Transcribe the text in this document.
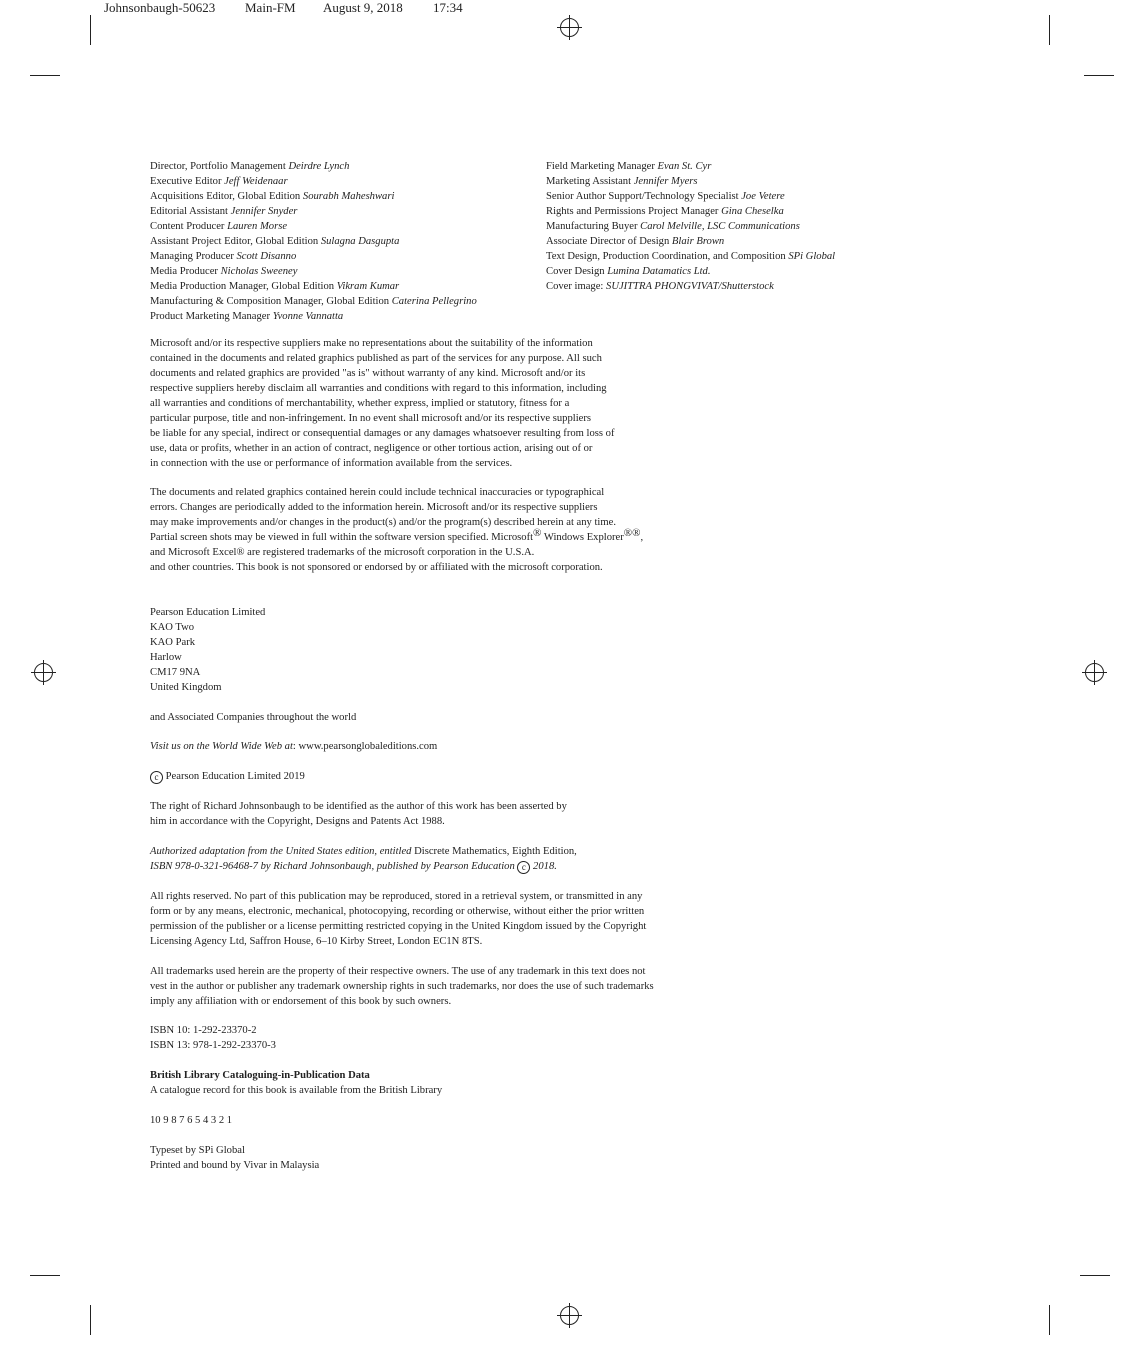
Johnsonbaugh-50623 Main-FM August 9, 2018 17:34
Director, Portfolio Management Deirdre Lynch
Executive Editor Jeff Weidenaar
Acquisitions Editor, Global Edition Sourabh Maheshwari
Editorial Assistant Jennifer Snyder
Content Producer Lauren Morse
Assistant Project Editor, Global Edition Sulagna Dasgupta
Managing Producer Scott Disanno
Media Producer Nicholas Sweeney
Media Production Manager, Global Edition Vikram Kumar
Manufacturing & Composition Manager, Global Edition Caterina Pellegrino
Product Marketing Manager Yvonne Vannatta
Field Marketing Manager Evan St. Cyr
Marketing Assistant Jennifer Myers
Senior Author Support/Technology Specialist Joe Vetere
Rights and Permissions Project Manager Gina Cheselka
Manufacturing Buyer Carol Melville, LSC Communications
Associate Director of Design Blair Brown
Text Design, Production Coordination, and Composition SPi Global
Cover Design Lumina Datamatics Ltd.
Cover image: SUJITTRA PHONGVIVAT/Shutterstock
Microsoft and/or its respective suppliers make no representations about the suitability of the information
contained in the documents and related graphics published as part of the services for any purpose. All such
documents and related graphics are provided "as is" without warranty of any kind. Microsoft and/or its
respective suppliers hereby disclaim all warranties and conditions with regard to this information, including
all warranties and conditions of merchantability, whether express, implied or statutory, fitness for a
particular purpose, title and non-infringement. In no event shall microsoft and/or its respective suppliers
be liable for any special, indirect or consequential damages or any damages whatsoever resulting from loss of
use, data or profits, whether in an action of contract, negligence or other tortious action, arising out of or
in connection with the use or performance of information available from the services.
The documents and related graphics contained herein could include technical inaccuracies or typographical
errors. Changes are periodically added to the information herein. Microsoft and/or its respective suppliers
may make improvements and/or changes in the product(s) and/or the program(s) described herein at any time.
Partial screen shots may be viewed in full within the software version specified. Microsoft® Windows Explorer®®,
and Microsoft Excel® are registered trademarks of the microsoft corporation in the U.S.A.
and other countries. This book is not sponsored or endorsed by or affiliated with the microsoft corporation.
Pearson Education Limited
KAO Two
KAO Park
Harlow
CM17 9NA
United Kingdom
and Associated Companies throughout the world
Visit us on the World Wide Web at: www.pearsonglobaleditions.com
c Pearson Education Limited 2019
The right of Richard Johnsonbaugh to be identified as the author of this work has been asserted by
him in accordance with the Copyright, Designs and Patents Act 1988.
Authorized adaptation from the United States edition, entitled Discrete Mathematics, Eighth Edition,
ISBN 978-0-321-96468-7 by Richard Johnsonbaugh, published by Pearson Education c 2018.
All rights reserved. No part of this publication may be reproduced, stored in a retrieval system, or transmitted in any
form or by any means, electronic, mechanical, photocopying, recording or otherwise, without either the prior written
permission of the publisher or a license permitting restricted copying in the United Kingdom issued by the Copyright
Licensing Agency Ltd, Saffron House, 6–10 Kirby Street, London EC1N 8TS.
All trademarks used herein are the property of their respective owners. The use of any trademark in this text does not
vest in the author or publisher any trademark ownership rights in such trademarks, nor does the use of such trademarks
imply any affiliation with or endorsement of this book by such owners.
ISBN 10: 1-292-23370-2
ISBN 13: 978-1-292-23370-3
British Library Cataloguing-in-Publication Data
A catalogue record for this book is available from the British Library
10 9 8 7 6 5 4 3 2 1
Typeset by SPi Global
Printed and bound by Vivar in Malaysia
